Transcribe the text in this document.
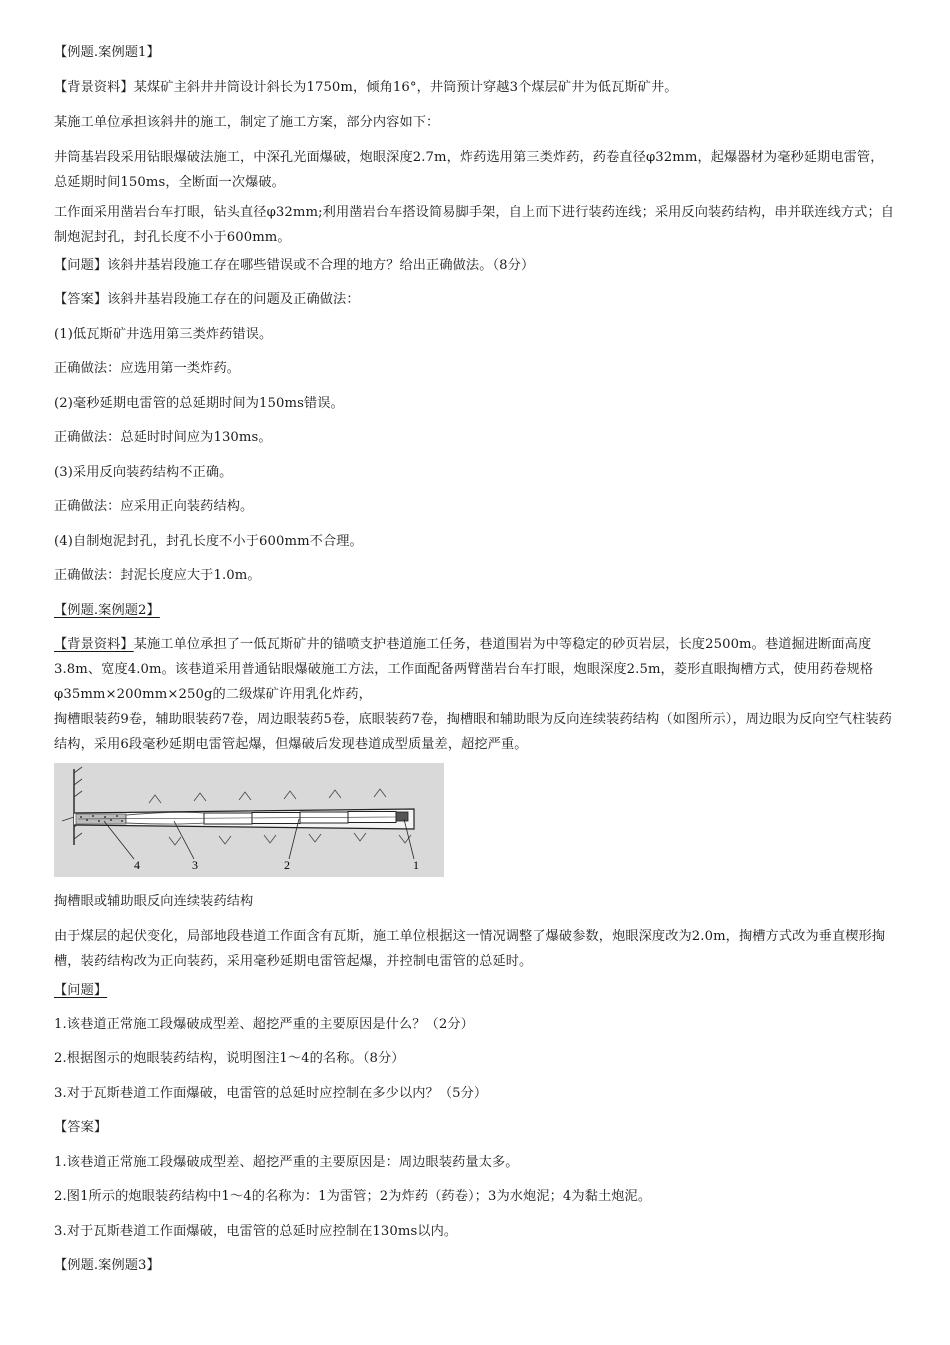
【例题.案例题1】

【背景资料】某煤矿主斜井井筒设计斜长为1750m，倾角16°，井筒预计穿越3个煤层矿井为低瓦斯矿井。

某施工单位承担该斜井的施工，制定了施工方案，部分内容如下：

井筒基岩段采用钻眼爆破法施工，中深孔光面爆破，炮眼深度2.7m，炸药选用第三类炸药，药卷直径φ32mm，起爆器材为毫秒延期电雷管，总延期时间150ms，全断面一次爆破。

工作面采用凿岩台车打眼，钻头直径φ32mm;利用凿岩台车搭设简易脚手架，自上而下进行装药连线；采用反向装药结构，串并联连线方式；自制炮泥封孔，封孔长度不小于600mm。

【问题】该斜井基岩段施工存在哪些错误或不合理的地方？给出正确做法。（8分）

【答案】该斜井基岩段施工存在的问题及正确做法：

(1)低瓦斯矿井选用第三类炸药错误。

正确做法：应选用第一类炸药。

(2)毫秒延期电雷管的总延期时间为150ms错误。

正确做法：总延时时间应为130ms。

(3)采用反向装药结构不正确。

正确做法：应采用正向装药结构。

(4)自制炮泥封孔，封孔长度不小于600mm不合理。

正确做法：封泥长度应大于1.0m。

【例题.案例题2】

【背景资料】某施工单位承担了一低瓦斯矿井的锚喷支护巷道施工任务，巷道围岩为中等稳定的砂页岩层，长度2500m。巷道掘进断面高度3.8m、宽度4.0m。该巷道采用普通钻眼爆破施工方法，工作面配备两臂凿岩台车打眼，炮眼深度2.5m，菱形直眼掏槽方式，使用药卷规格φ35mm×200mm×250g的二级煤矿许用乳化炸药，

掏槽眼装药9卷，辅助眼装药7卷，周边眼装药5卷，底眼装药7卷，掏槽眼和辅助眼为反向连续装药结构（如图所示），周边眼为反向空气柱装药结构，采用6段毫秒延期电雷管起爆，但爆破后发现巷道成型质量差，超挖严重。

4	3	2	1

掏槽眼或辅助眼反向连续装药结构

由于煤层的起伏变化，局部地段巷道工作面含有瓦斯，施工单位根据这一情况调整了爆破参数，炮眼深度改为2.0m，掏槽方式改为垂直楔形掏槽，装药结构改为正向装药，采用毫秒延期电雷管起爆，并控制电雷管的总延时。

【问题】

1.该巷道正常施工段爆破成型差、超挖严重的主要原因是什么？（2分）

2.根据图示的炮眼装药结构，说明图注1～4的名称。（8分）

3.对于瓦斯巷道工作面爆破，电雷管的总延时应控制在多少以内？（5分）

【答案】

1.该巷道正常施工段爆破成型差、超挖严重的主要原因是：周边眼装药量太多。

2.图1所示的炮眼装药结构中1～4的名称为：1为雷管；2为炸药（药卷）；3为水炮泥；4为黏土炮泥。

3.对于瓦斯巷道工作面爆破，电雷管的总延时应控制在130ms以内。

【例题.案例题3】
